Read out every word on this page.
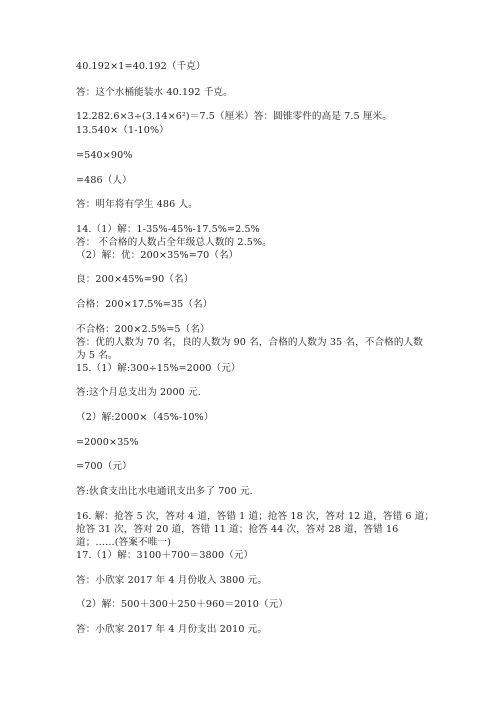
40.192×1=40.192（千克）
答：这个水桶能装水 40.192 千克。
12.282.6×3÷(3.14×6²)＝7.5（厘米）答：圆锥零件的高是 7.5 厘米。
13.540×（1-10%）
=540×90%
=486（人）
答：明年将有学生 486 人。
14.（1）解：1-35%-45%-17.5%=2.5%
答： 不合格的人数占全年级总人数的 2.5%。
（2）解：优：200×35%=70（名）
良：200×45%=90（名）
合格：200×17.5%=35（名）
不合格：200×2.5%=5（名）
答：优的人数为 70 名，良的人数为 90 名，合格的人数为 35 名，不合格的人数
为 5 名。
15.（1）解:300÷15%=2000（元）
答:这个月总支出为 2000 元.
（2）解:2000×（45%-10%）
=2000×35%
=700（元）
答:伙食支出比水电通讯支出多了 700 元.
16. 解：抢答 5 次，答对 4 道，答错 1 道；抢答 18 次，答对 12 道，答错 6 道；
抢答 31 次，答对 20 道，答错 11 道；抢答 44 次，答对 28 道，答错 16
道；……(答案不唯一)
17.（1）解：3100＋700＝3800（元）
答：小欣家 2017 年 4 月份收入 3800 元。
（2）解：500＋300＋250＋960＝2010（元）
答：小欣家 2017 年 4 月份支出 2010 元。
